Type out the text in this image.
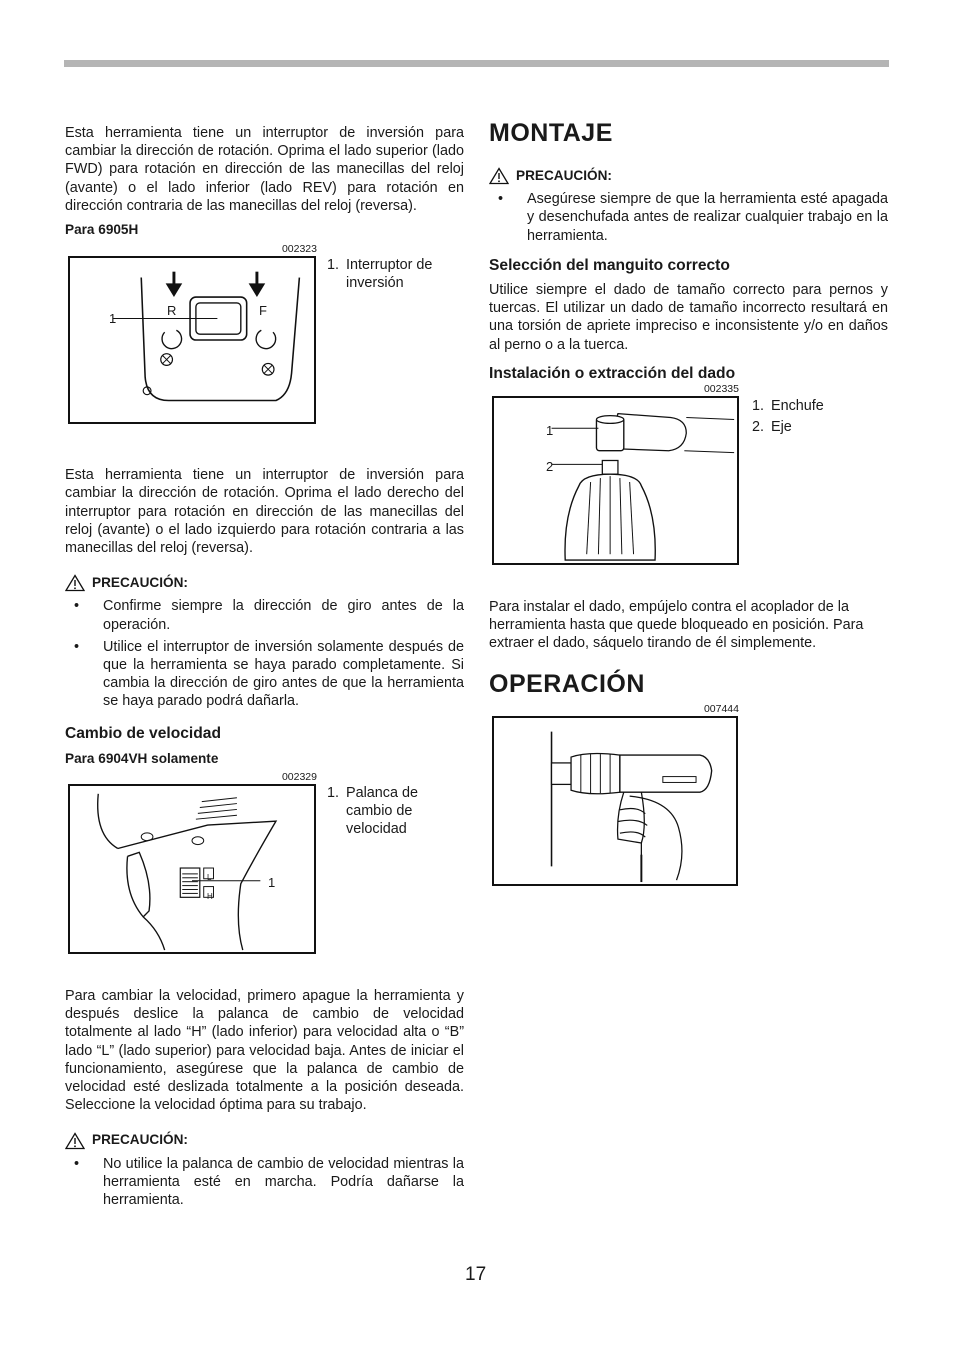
Esta herramienta tiene un interruptor de inversión para cambiar la dirección de rotación. Oprima el lado superior (lado FWD) para rotación en dirección de las manecillas del reloj (avante) o el lado inferior (lado REV) para rotación en dirección contraria de las manecillas del reloj (reversa).

Para 6905H

002323

1
R	F
1. Interruptor de inversión

Esta herramienta tiene un interruptor de inversión para cambiar la dirección de rotación. Oprima el lado derecho del interruptor para rotación en dirección de las manecillas del reloj (avante) o el lado izquierdo para rotación contraria a las manecillas del reloj (reversa).

PRECAUCIÓN:
• Confirme siempre la dirección de giro antes de la operación.
• Utilice el interruptor de inversión solamente después de que la herramienta se haya parado completamente. Si cambia la dirección de giro antes de que la herramienta se haya parado podrá dañarla.

Cambio de velocidad

Para 6904VH solamente

002329

L
H
1
1. Palanca de cambio de velocidad

Para cambiar la velocidad, primero apague la herramienta y después deslice la palanca de cambio de velocidad totalmente al lado “H” (lado inferior) para velocidad alta o “B” lado “L” (lado superior) para velocidad baja. Antes de iniciar el funcionamiento, asegúrese que la palanca de cambio de velocidad esté deslizada totalmente a la posición deseada. Seleccione la velocidad óptima para su trabajo.

PRECAUCIÓN:
• No utilice la palanca de cambio de velocidad mientras la herramienta esté en marcha. Podría dañarse la herramienta.

MONTAJE

PRECAUCIÓN:
• Asegúrese siempre de que la herramienta esté apagada y desenchufada antes de realizar cualquier trabajo en la herramienta.

Selección del manguito correcto

Utilice siempre el dado de tamaño correcto para pernos y tuercas. El utilizar un dado de tamaño incorrecto resultará en una torsión de apriete impreciso e inconsistente y/o en daños al perno o a la tuerca.

Instalación o extracción del dado

002335

1
2
1. Enchufe
2. Eje

Para instalar el dado, empújelo contra el acoplador de la herramienta hasta que quede bloqueado en posición. Para extraer el dado, sáquelo tirando de él simplemente.

OPERACIÓN

007444

17
